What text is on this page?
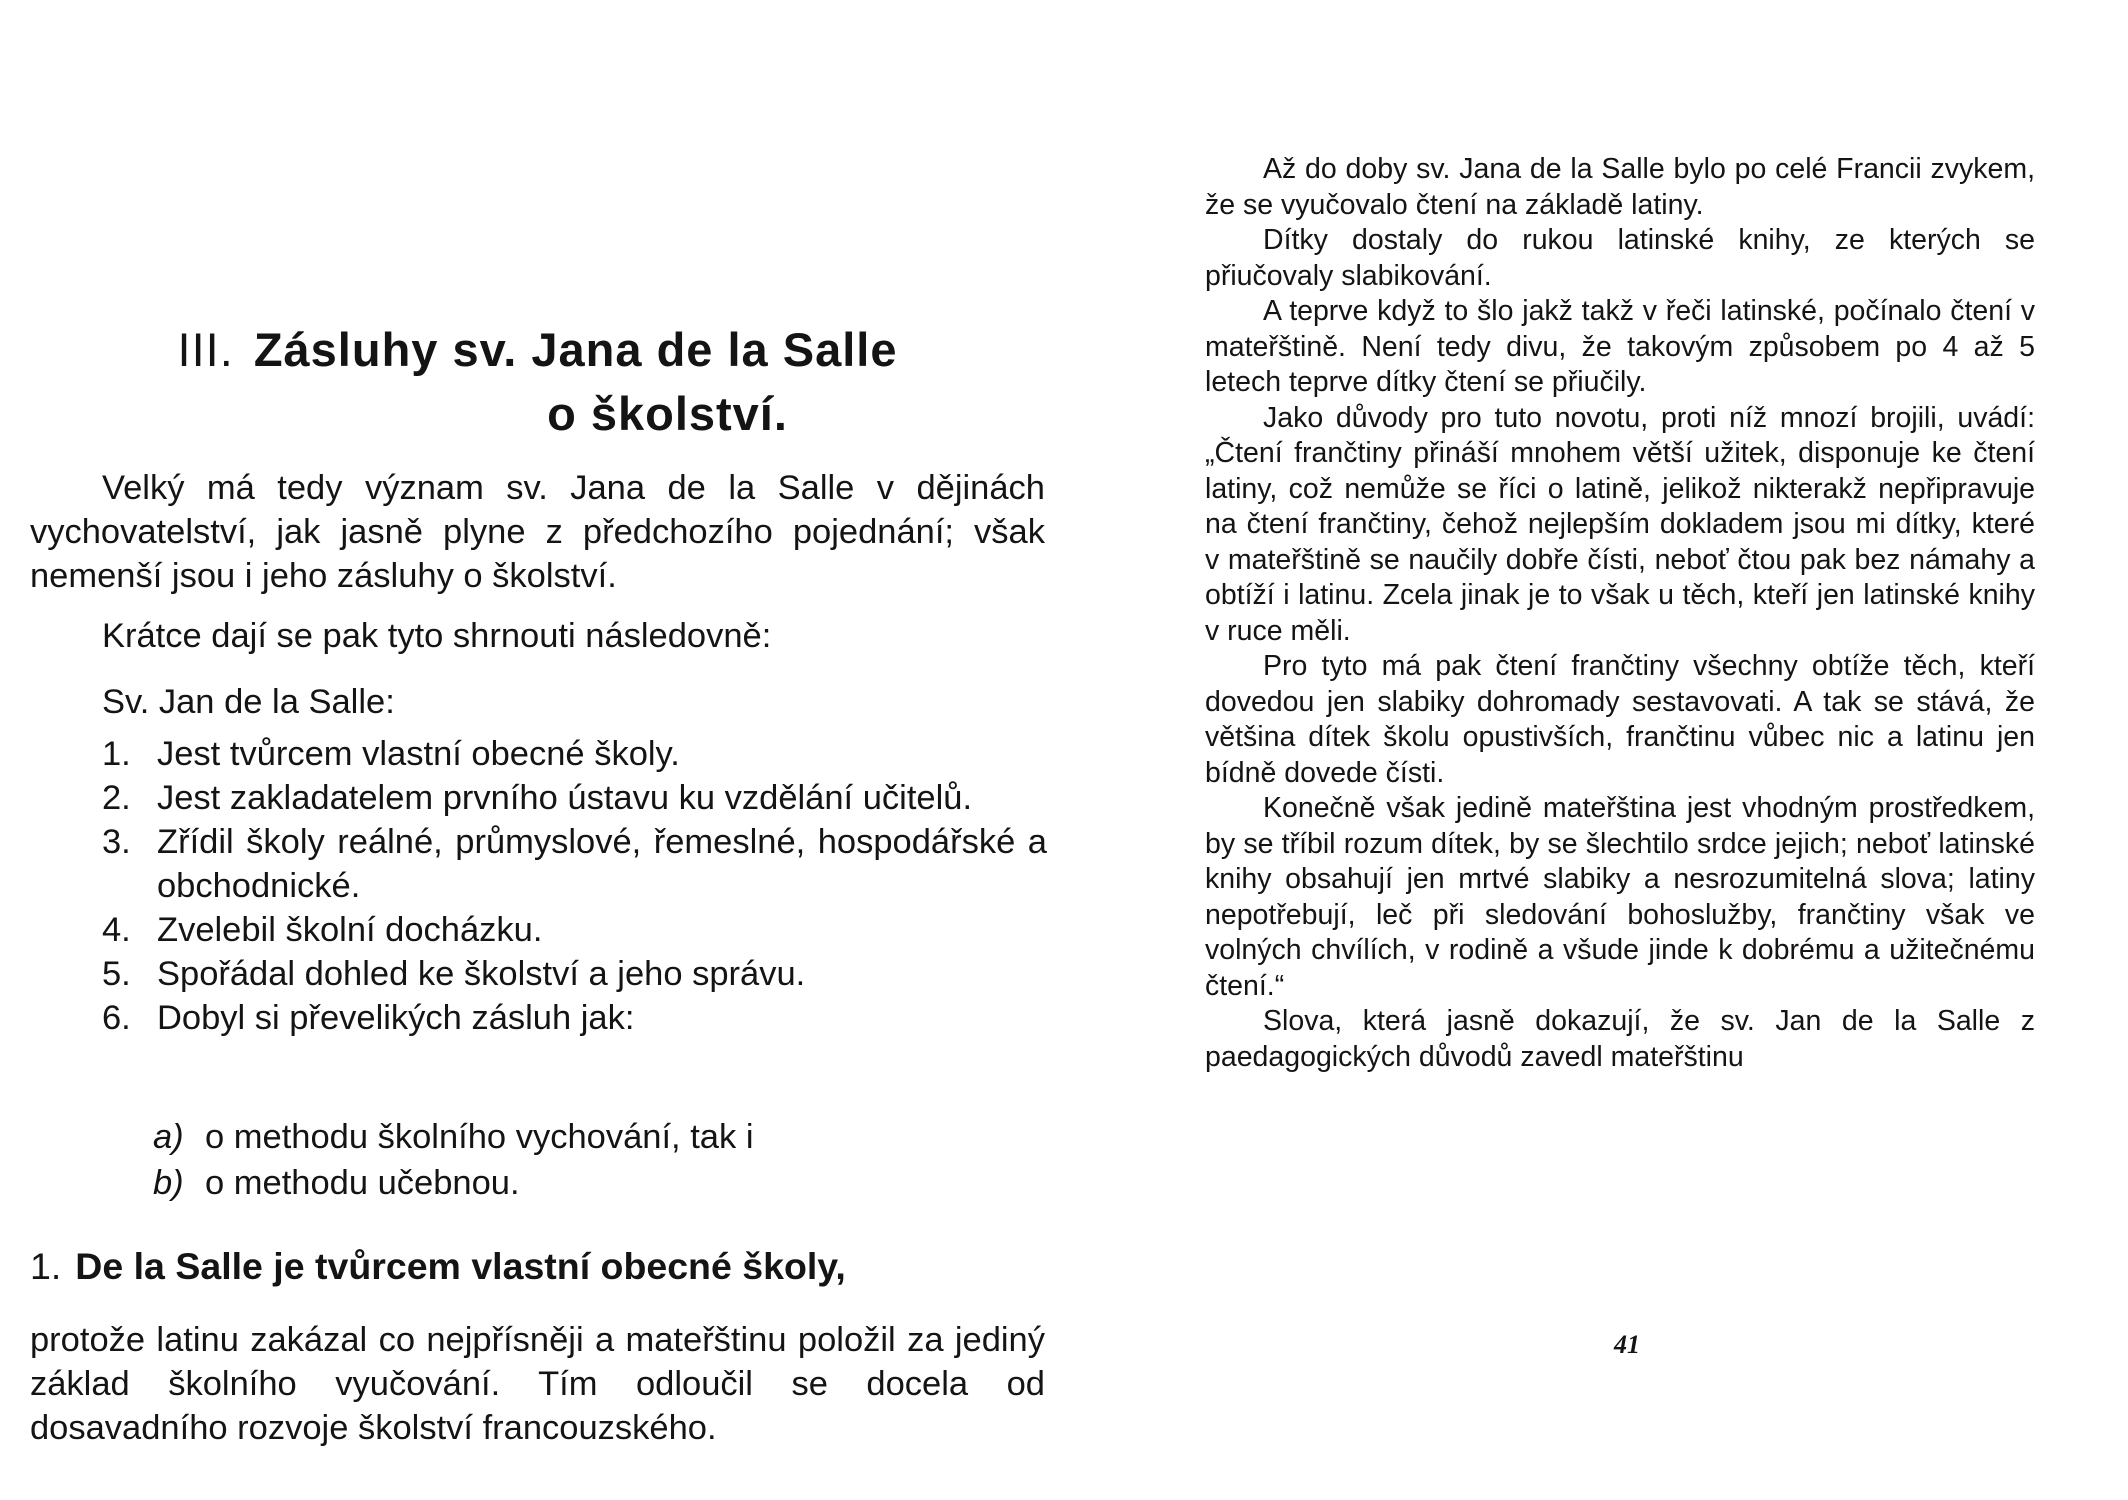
III. Zásluhy sv. Jana de la Salle
o školství.

Velký má tedy význam sv. Jana de la Salle v dějinách vychovatelství, jak jasně plyne z předchozího pojednání; však nemenší jsou i jeho zásluhy o školství.

Krátce dají se pak tyto shrnouti následovně:
Sv. Jan de la Salle:
1. Jest tvůrcem vlastní obecné školy.
2. Jest zakladatelem prvního ústavu ku vzdělání učitelů.
3. Zřídil školy reálné, průmyslové, řemeslné, hospodářské a obchodnické.
4. Zvelebil školní docházku.
5. Spořádal dohled ke školství a jeho správu.
6. Dobyl si převelikých zásluh jak:
a) o methodu školního vychování, tak i
b) o methodu učebnou.
1. De la Salle je tvůrcem vlastní obecné školy,

protože latinu zakázal co nejpřísněji a mateřštinu položil za jediný základ školního vyučování. Tím odloučil se docela od dosavadního rozvoje školství francouzského.

Až do doby sv. Jana de la Salle bylo po celé Francii zvykem, že se vyučovalo čtení na základě latiny.

Dítky dostaly do rukou latinské knihy, ze kterých se přiučovaly slabikování.

A teprve když to šlo jakž takž v řeči latinské, počínalo čtení v mateřštině. Není tedy divu, že takovým způsobem po 4 až 5 letech teprve dítky čtení se přiučily.

Jako důvody pro tuto novotu, proti níž mnozí brojili, uvádí: „Čtení frančtiny přináší mnohem větší užitek, disponuje ke čtení latiny, což nemůže se říci o latině, jelikož nikterakž nepřipravuje na čtení frančtiny, čehož nejlepším dokladem jsou mi dítky, které v mateřštině se naučily dobře čísti, neboť čtou pak bez námahy a obtíží i latinu. Zcela jinak je to však u těch, kteří jen latinské knihy v ruce měli.

Pro tyto má pak čtení frančtiny všechny obtíže těch, kteří dovedou jen slabiky dohromady sestavovati. A tak se stává, že většina dítek školu opustivších, frančtinu vůbec nic a latinu jen bídně dovede čísti.

Konečně však jedině mateřština jest vhodným prostředkem, by se tříbil rozum dítek, by se šlechtilo srdce jejich; neboť latinské knihy obsahují jen mrtvé slabiky a nesrozumitelná slova; latiny nepotřebují, leč při sledování bohoslužby, frančtiny však ve volných chvílích, v rodině a všude jinde k dobrému a užitečnému čtení.“

Slova, která jasně dokazují, že sv. Jan de la Salle z paedagogických důvodů zavedl mateřštinu

41
